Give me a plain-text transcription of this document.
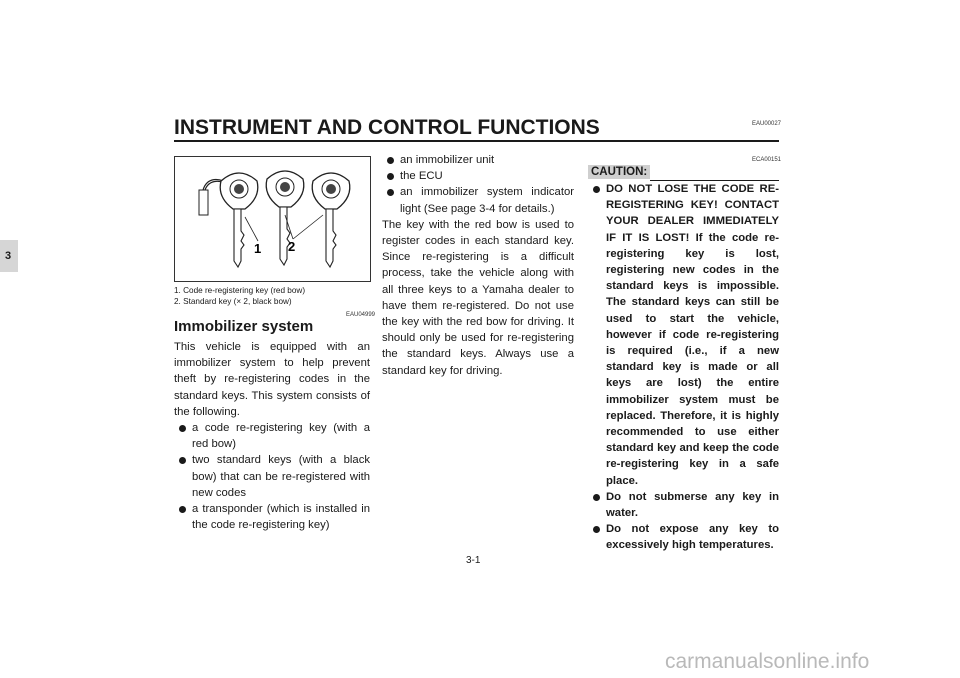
INSTRUMENT AND CONTROL FUNCTIONS	EAU00027
3	1 2
1. Code re-registering key (red bow)
2. Standard key (× 2, black bow)
EAU04999
Immobilizer system
This vehicle is equipped with an immobilizer system to help prevent theft by re-registering codes in the standard keys. This system consists of the following.
a code re-registering key (with a red bow)
two standard keys (with a black bow) that can be re-registered with new codes
a transponder (which is installed in the code re-registering key)
an immobilizer unit
the ECU
an immobilizer system indicator light (See page 3-4 for details.)
The key with the red bow is used to register codes in each standard key. Since re-registering is a difficult process, take the vehicle along with all three keys to a Yamaha dealer to have them re-registered. Do not use the key with the red bow for driving. It should only be used for re-registering the standard keys. Always use a standard key for driving.
ECA00151
CAUTION:
DO NOT LOSE THE CODE RE-REGISTERING KEY! CONTACT YOUR DEALER IMMEDIATELY IF IT IS LOST! If the code re-registering key is lost, registering new codes in the standard keys is impossible. The standard keys can still be used to start the vehicle, however if code re-registering is required (i.e., if a new standard key is made or all keys are lost) the entire immobilizer system must be replaced. Therefore, it is highly recommended to use either standard key and keep the code re-registering key in a safe place.
Do not submerse any key in water.
Do not expose any key to excessively high temperatures.
3-1
carmanualsonline.info
